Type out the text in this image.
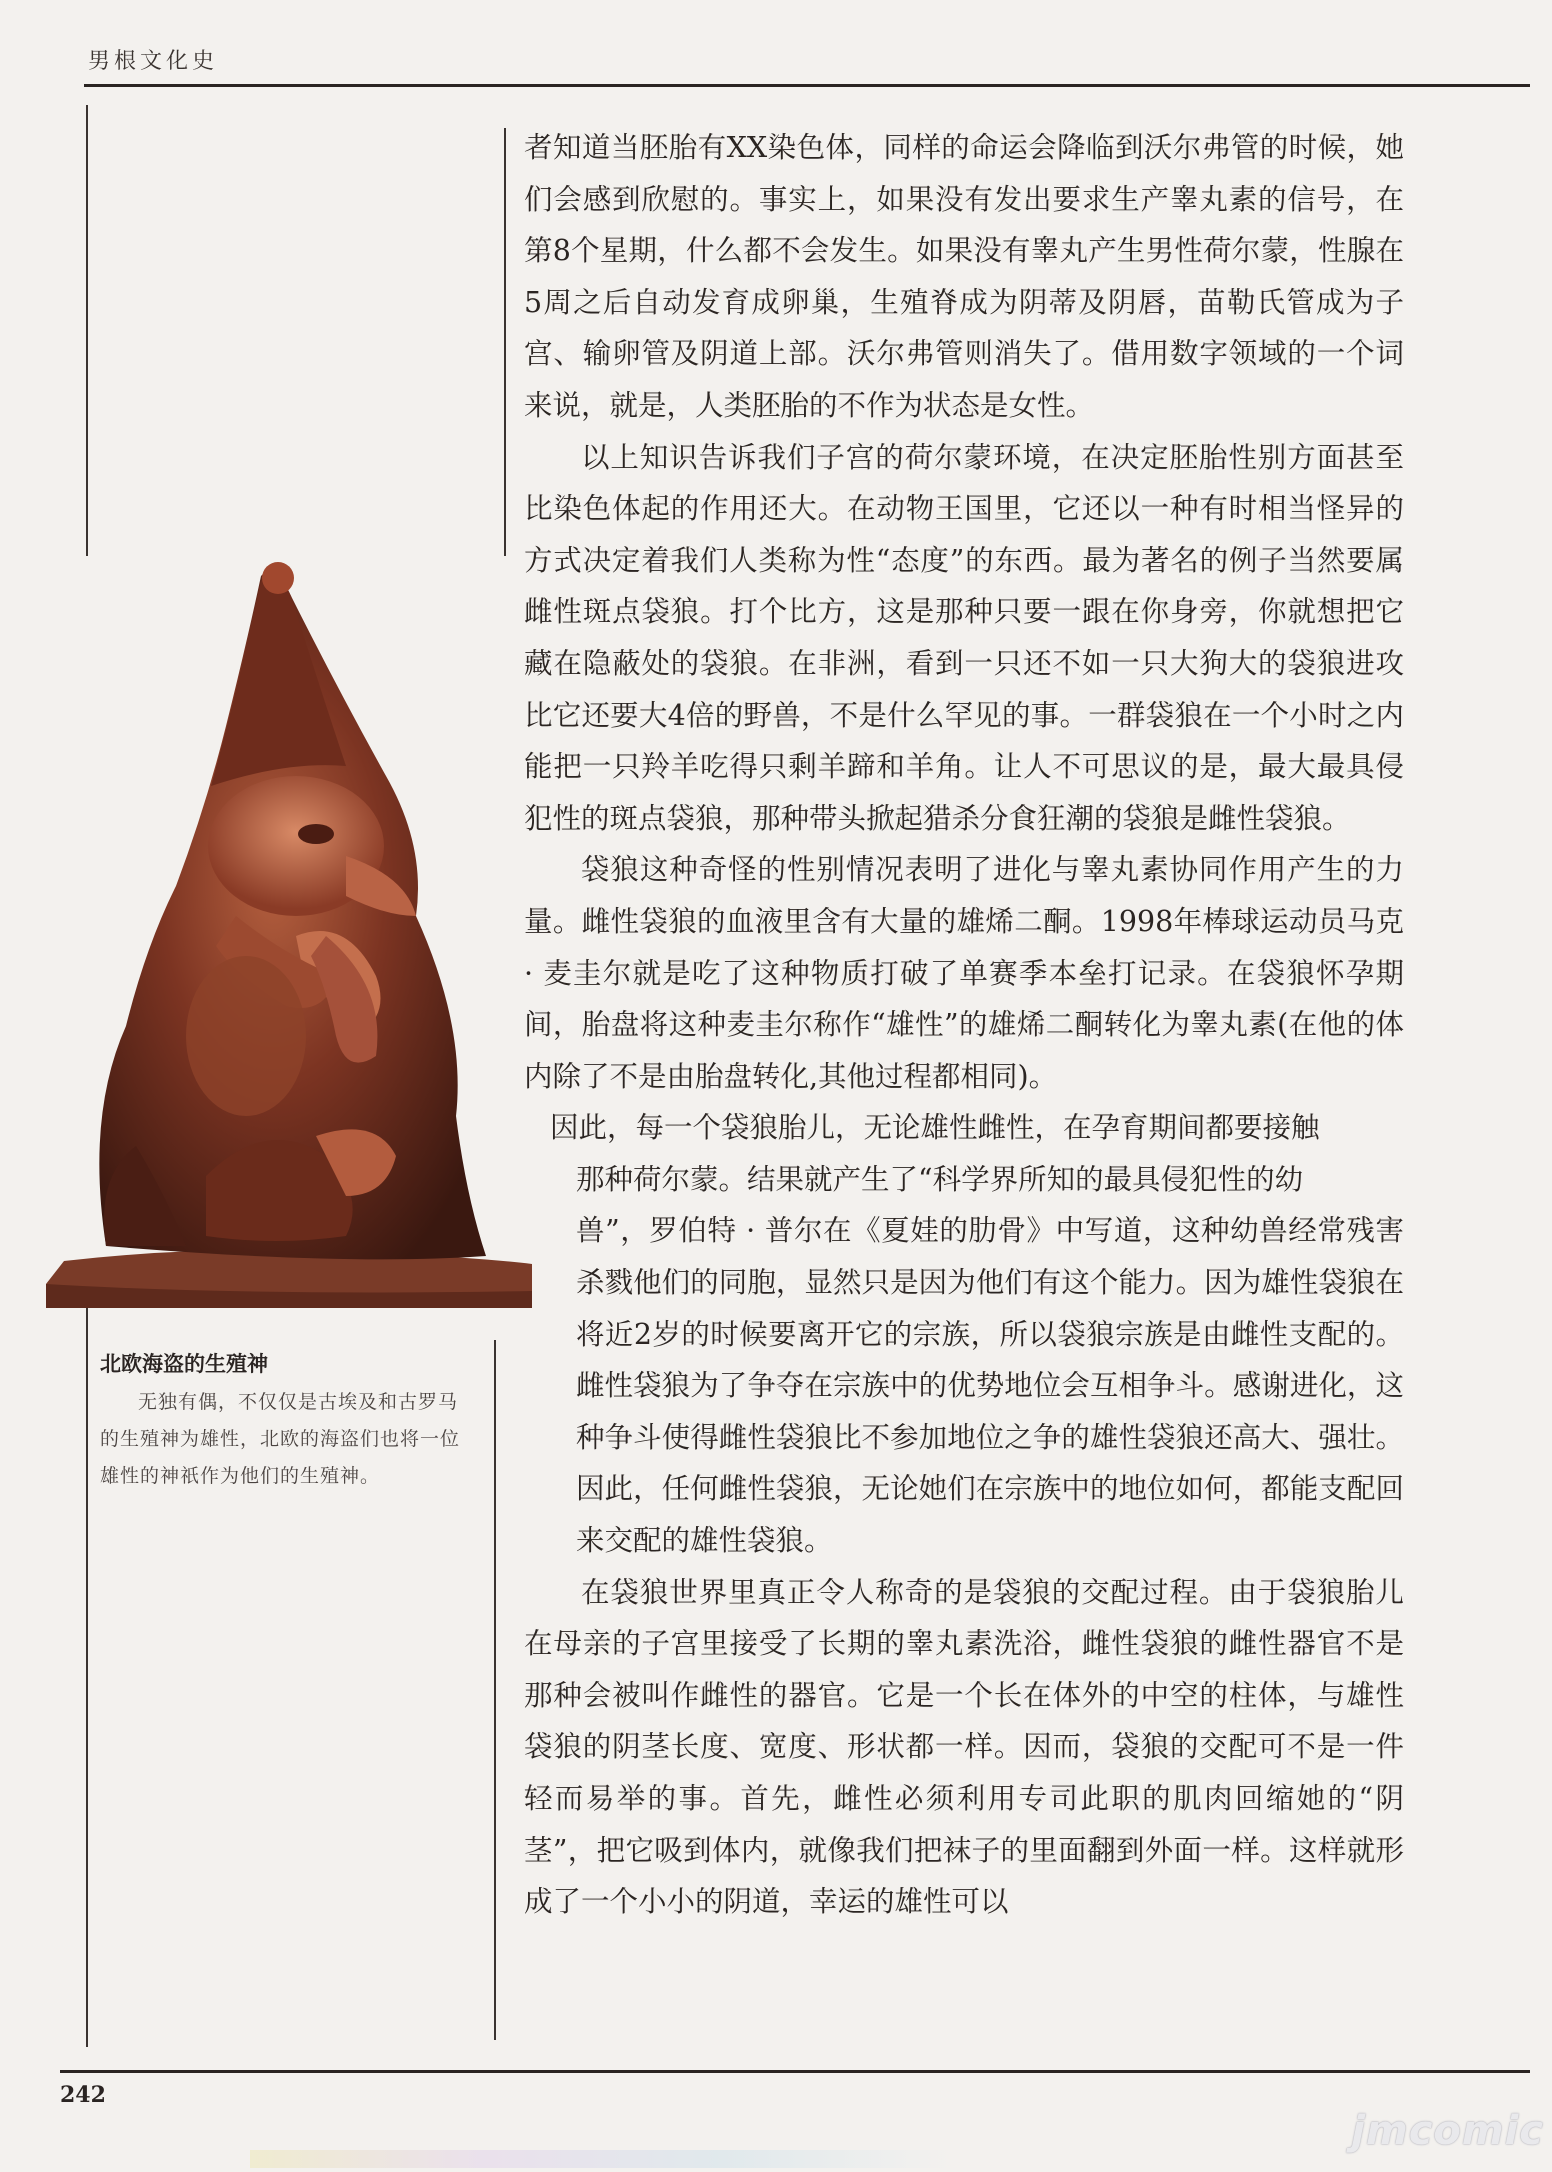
男根文化史
北欧海盗的生殖神
无独有偶，不仅仅是古埃及和古罗马的生殖神为雄性，北欧的海盗们也将一位雄性的神祇作为他们的生殖神。

者知道当胚胎有XX染色体，同样的命运会降临到沃尔弗管的时候，她们会感到欣慰的。事实上，如果没有发出要求生产睾丸素的信号，在第8个星期，什么都不会发生。如果没有睾丸产生男性荷尔蒙，性腺在5周之后自动发育成卵巢，生殖脊成为阴蒂及阴唇，苗勒氏管成为子宫、输卵管及阴道上部。沃尔弗管则消失了。借用数字领域的一个词来说，就是，人类胚胎的不作为状态是女性。

以上知识告诉我们子宫的荷尔蒙环境，在决定胚胎性别方面甚至比染色体起的作用还大。在动物王国里，它还以一种有时相当怪异的方式决定着我们人类称为性“态度”的东西。最为著名的例子当然要属雌性斑点袋狼。打个比方，这是那种只要一跟在你身旁，你就想把它藏在隐蔽处的袋狼。在非洲，看到一只还不如一只大狗大的袋狼进攻比它还要大4倍的野兽，不是什么罕见的事。一群袋狼在一个小时之内能把一只羚羊吃得只剩羊蹄和羊角。让人不可思议的是，最大最具侵犯性的斑点袋狼，那种带头掀起猎杀分食狂潮的袋狼是雌性袋狼。

袋狼这种奇怪的性别情况表明了进化与睾丸素协同作用产生的力量。雌性袋狼的血液里含有大量的雄烯二酮。1998年棒球运动员马克 · 麦圭尔就是吃了这种物质打破了单赛季本垒打记录。在袋狼怀孕期间，胎盘将这种麦圭尔称作“雄性”的雄烯二酮转化为睾丸素(在他的体内除了不是由胎盘转化,其他过程都相同)。
因此，每一个袋狼胎儿，无论雄性雌性，在孕育期间都要接触
那种荷尔蒙。结果就产生了“科学界所知的最具侵犯性的幼
兽”，罗伯特 · 普尔在《夏娃的肋骨》中写道，这种幼兽经常残害杀戮他们的同胞，显然只是因为他们有这个能力。因为雄性袋狼在将近2岁的时候要离开它的宗族，所以袋狼宗族是由雌性支配的。雌性袋狼为了争夺在宗族中的优势地位会互相争斗。感谢进化，这种争斗使得雌性袋狼比不参加地位之争的雄性袋狼还高大、强壮。因此，任何雌性袋狼，无论她们在宗族中的地位如何，都能支配回来交配的雄性袋狼。

在袋狼世界里真正令人称奇的是袋狼的交配过程。由于袋狼胎儿在母亲的子宫里接受了长期的睾丸素洗浴，雌性袋狼的雌性器官不是那种会被叫作雌性的器官。它是一个长在体外的中空的柱体，与雄性袋狼的阴茎长度、宽度、形状都一样。因而，袋狼的交配可不是一件轻而易举的事。首先，雌性必须利用专司此职的肌肉回缩她的“阴茎”，把它吸到体内，就像我们把袜子的里面翻到外面一样。这样就形成了一个小小的阴道，幸运的雄性可以

242
jmcomic
